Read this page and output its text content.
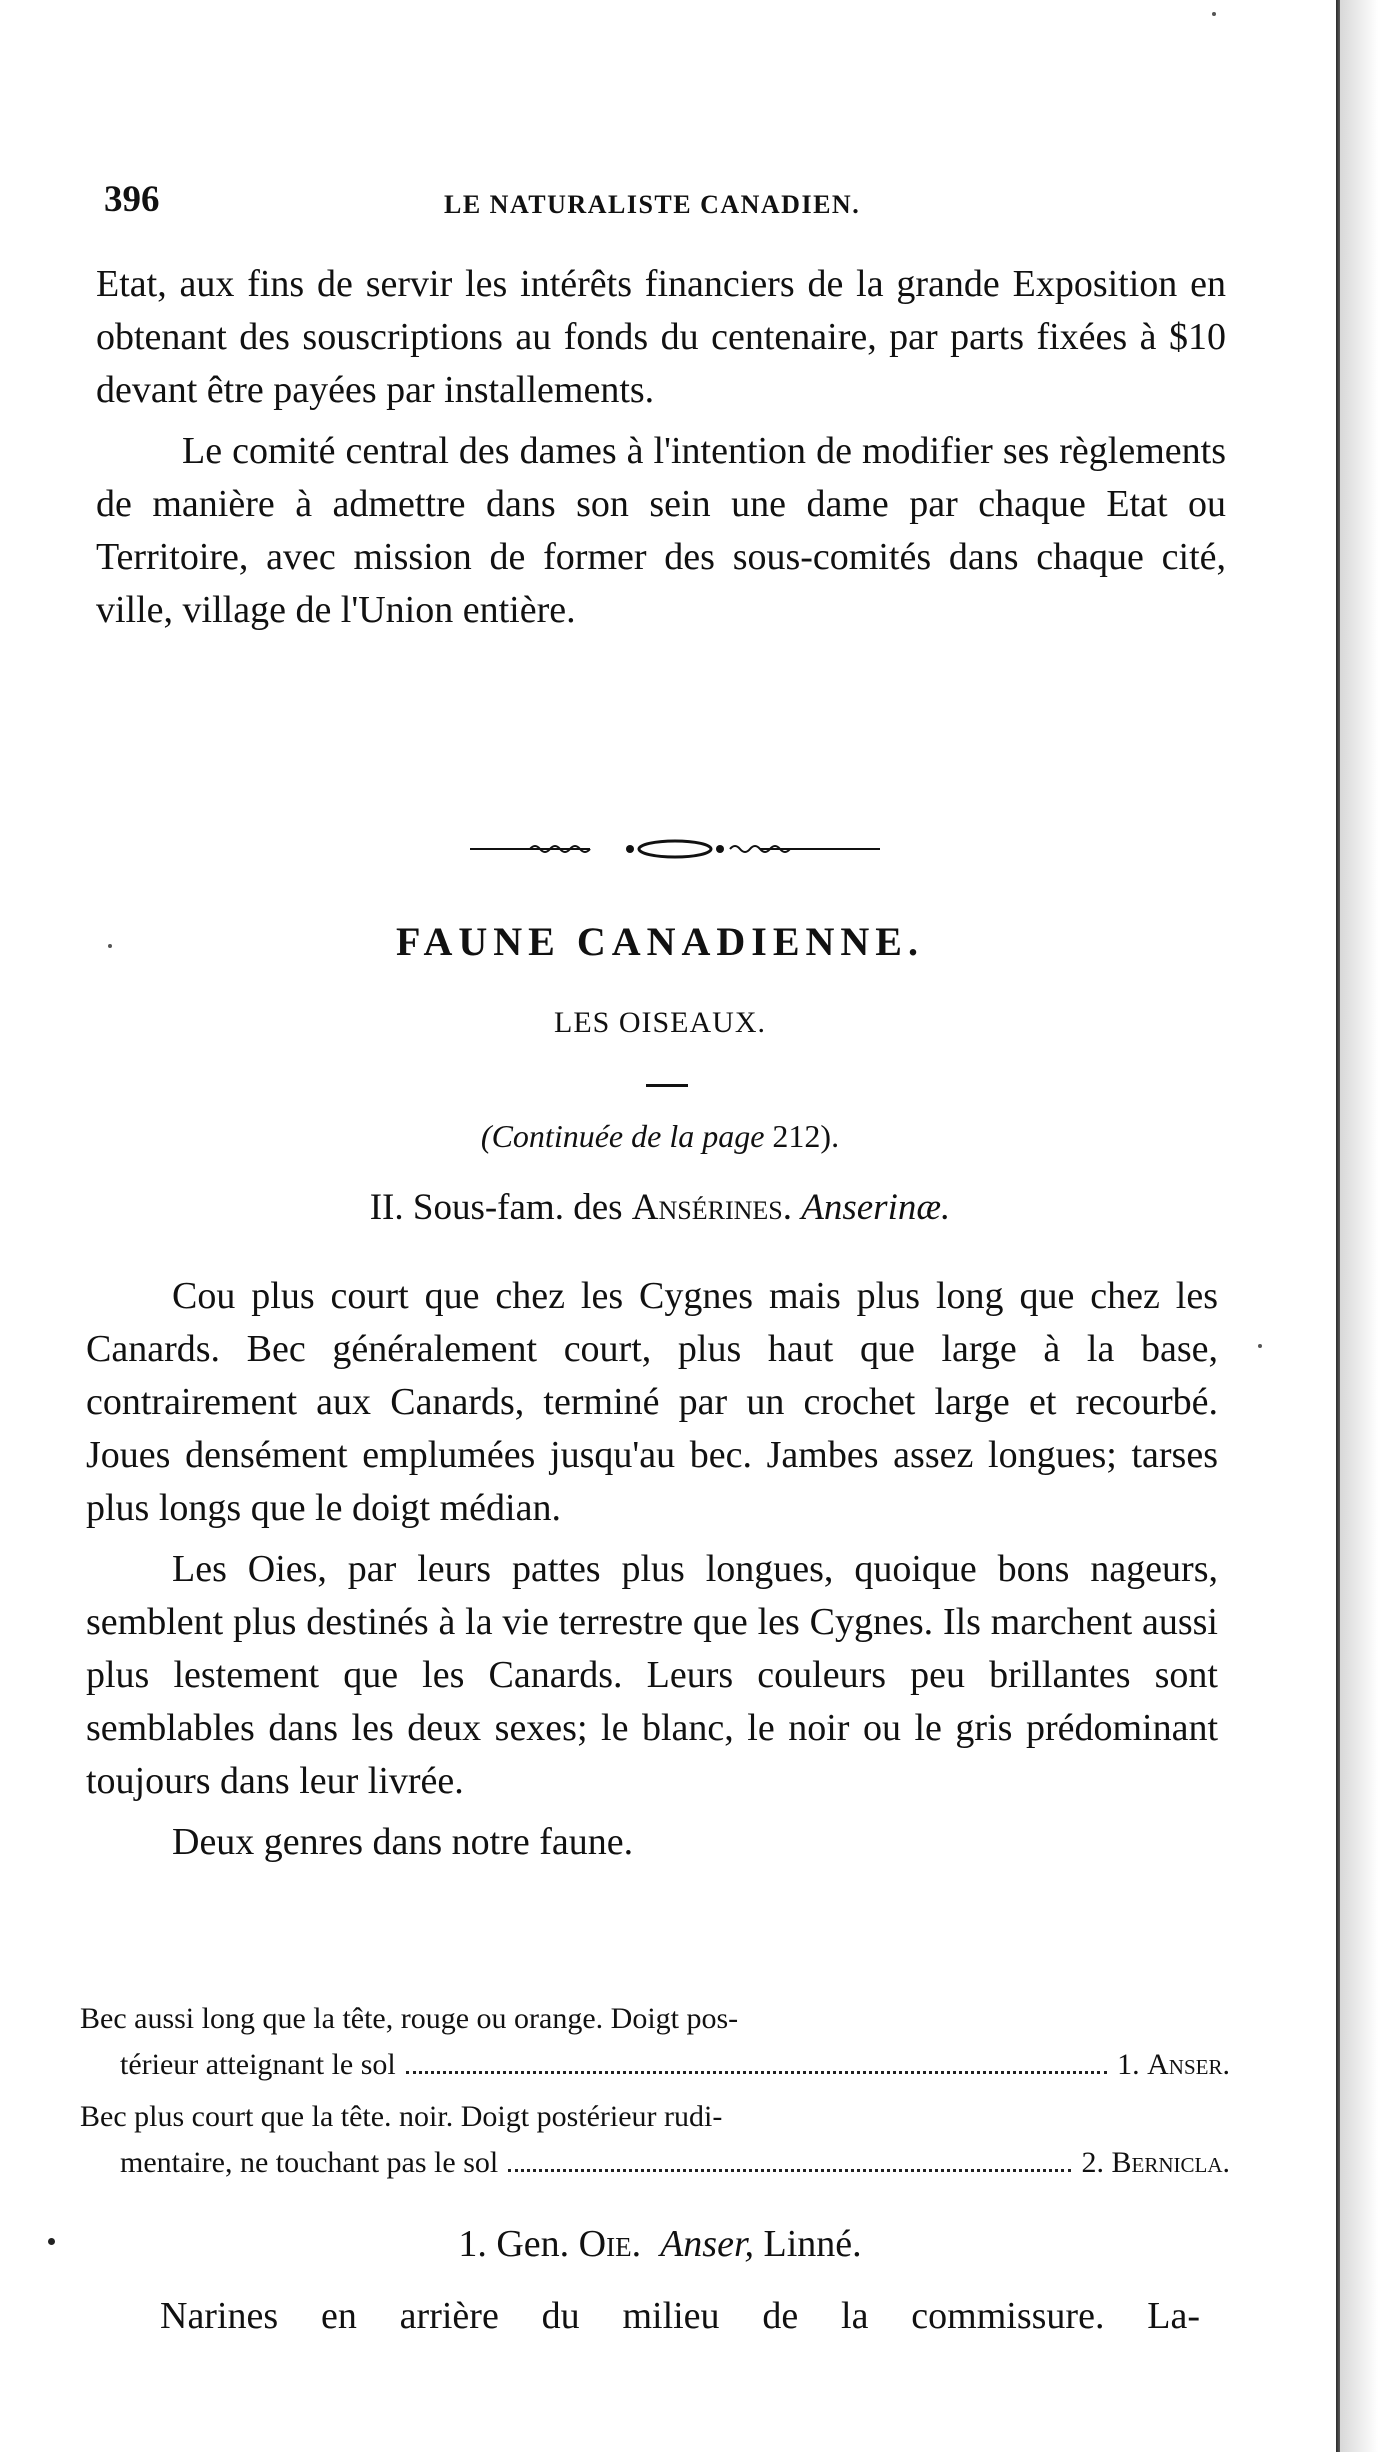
396	LE NATURALISTE CANADIEN.

Etat, aux fins de servir les intérêts financiers de la grande Exposition en obtenant des souscriptions au fonds du centenaire, par parts fixées à $10 devant être payées par installements.

Le comité central des dames à l'intention de modifier ses règlements de manière à admettre dans son sein une dame par chaque Etat ou Territoire, avec mission de former des sous-comités dans chaque cité, ville, village de l'Union entière.

FAUNE CANADIENNE.
LES OISEAUX.
(Continuée de la page 212).
II. Sous-fam. des Ansérines. Anserinæ.

Cou plus court que chez les Cygnes mais plus long que chez les Canards. Bec généralement court, plus haut que large à la base, contrairement aux Canards, terminé par un crochet large et recourbé. Joues densément emplumées jusqu'au bec. Jambes assez longues; tarses plus longs que le doigt médian.

Les Oies, par leurs pattes plus longues, quoique bons nageurs, semblent plus destinés à la vie terrestre que les Cygnes. Ils marchent aussi plus lestement que les Canards. Leurs couleurs peu brillantes sont semblables dans les deux sexes; le blanc, le noir ou le gris prédominant toujours dans leur livrée.

Deux genres dans notre faune.

Bec aussi long que la tête, rouge ou orange. Doigt pos-
térieur atteignant le sol	1. Anser.
Bec plus court que la tête. noir. Doigt postérieur rudi-
mentaire, ne touchant pas le sol	2. Bernicla.
1. Gen. Oie. Anser, Linné.
Narines en arrière du milieu de la commissure. La-
